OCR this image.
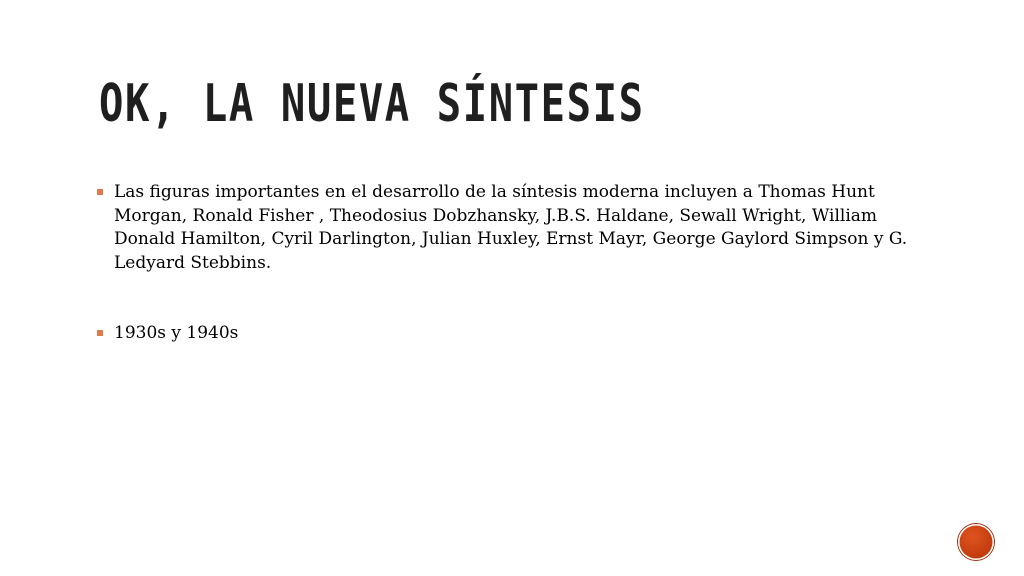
OK, LA NUEVA SÍNTESIS
Las figuras importantes en el desarrollo de la síntesis moderna incluyen a Thomas Hunt Morgan, Ronald Fisher , Theodosius Dobzhansky, J.B.S. Haldane, Sewall Wright, William Donald Hamilton, Cyril Darlington, Julian Huxley, Ernst Mayr, George Gaylord Simpson y G. Ledyard Stebbins.
1930s y 1940s
